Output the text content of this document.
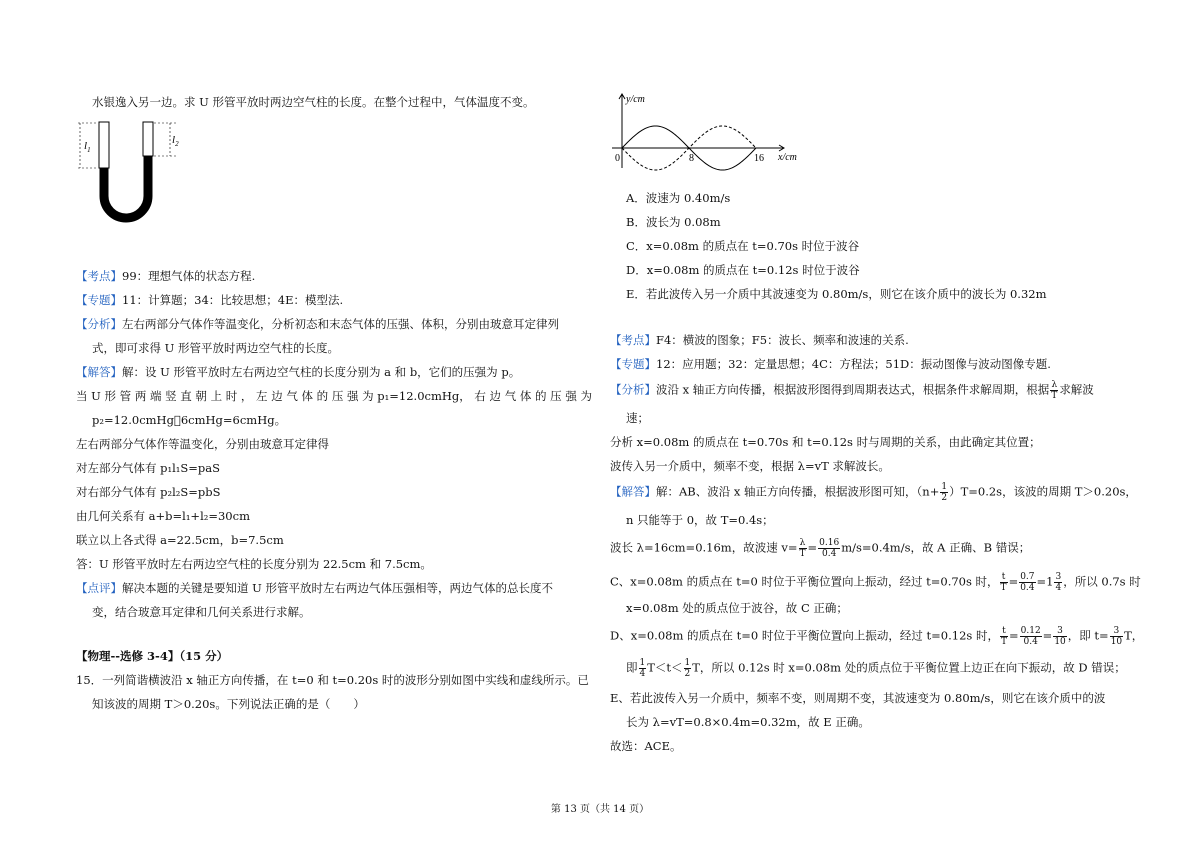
水银逸入另一边。求 U 形管平放时两边空气柱的长度。在整个过程中，气体温度不变。
$l_1$
$l_2$
【考点】99：理想气体的状态方程.
【专题】11：计算题；34：比较思想；4E：模型法.
【分析】左右两部分气体作等温变化，分析初态和末态气体的压强、体积，分别由玻意耳定律列
式，即可求得 U 形管平放时两边空气柱的长度。
【解答】解：设 U 形管平放时左右两边空气柱的长度分别为 a 和 b，它们的压强为 p。
当 U 形 管 两 端 竖 直 朝 上 时 ， 左 边 气 体 的 压 强 为 p₁=12.0cmHg， 右 边 气 体 的 压 强 为
p₂=12.0cmHg￿6cmHg=6cmHg。
左右两部分气体作等温变化，分别由玻意耳定律得
对左部分气体有 p₁l₁S=paS
对右部分气体有 p₂l₂S=pbS
由几何关系有 a+b=l₁+l₂=30cm
联立以上各式得 a=22.5cm，b=7.5cm
答：U 形管平放时左右两边空气柱的长度分别为 22.5cm 和 7.5cm。
【点评】解决本题的关键是要知道 U 形管平放时左右两边气体压强相等，两边气体的总长度不
变，结合玻意耳定律和几何关系进行求解。
【物理--选修 3-4】（15 分）
15．一列简谐横波沿 x 轴正方向传播，在 t=0 和 t=0.20s 时的波形分别如图中实线和虚线所示。已
知该波的周期 T＞0.20s。下列说法正确的是（　　）
y/cm
x/cm
0	8	16
A．波速为 0.40m/s
B．波长为 0.08m
C．x=0.08m 的质点在 t=0.70s 时位于波谷
D．x=0.08m 的质点在 t=0.12s 时位于波谷
E．若此波传入另一介质中其波速变为 0.80m/s，则它在该介质中的波长为 0.32m
【考点】F4：横波的图象；F5：波长、频率和波速的关系.
【专题】12：应用题；32：定量思想；4C：方程法；51D：振动图像与波动图像专题.
【分析】波沿 x 轴正方向传播，根据波形图得到周期表达式，根据条件求解周期，根据 $\frac{\lambda}{T}$ 求解波
速；
分析 x=0.08m 的质点在 t=0.70s 和 t=0.12s 时与周期的关系，由此确定其位置；
波传入另一介质中，频率不变，根据 λ=vT 求解波长。
【解答】解：AB、波沿 x 轴正方向传播，根据波形图可知，$(n+ \frac{1}{2} )T=0.2s$，该波的周期 T＞0.20s，
n 只能等于 0，故 T=0.4s；
波长 λ=16cm=0.16m，故波速 $v= \frac{\lambda}{T} = \frac{0.16}{0.4} m/s=0.4m/s$，故 A 正确、B 错误；
C、x=0.08m 的质点在 t=0 时位于平衡位置向上振动，经过 t=0.70s 时， $\frac{t}{T} = \frac{0.7}{0.4} =1 \frac{3}{4}$ ，所以 0.7s 时
x=0.08m 处的质点位于波谷，故 C 正确；
D、x=0.08m 的质点在 t=0 时位于平衡位置向上振动，经过 t=0.12s 时， $\frac{t}{T} = \frac{0.12}{0.4} = \frac{3}{10}$ ，即 $t= \frac{3}{10}$ T，
即 $\frac{1}{4} T<t< \frac{1}{2}$ T，所以 0.12s 时 x=0.08m 处的质点位于平衡位置上边正在向下振动，故 D 错误；
E、若此波传入另一介质中，频率不变，则周期不变，其波速变为 0.80m/s，则它在该介质中的波
长为 λ=vT=0.8×0.4m=0.32m，故 E 正确。
故选：ACE。
第 13 页（共 14 页）
